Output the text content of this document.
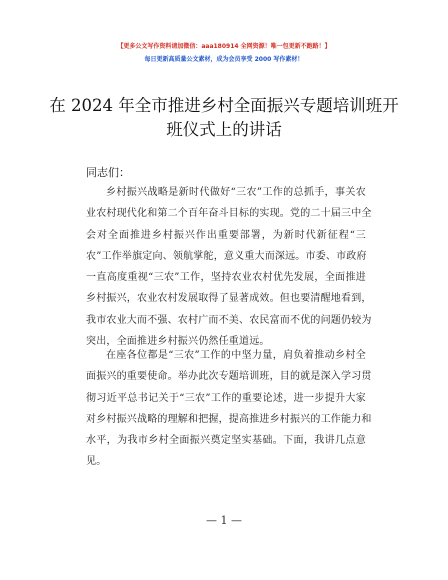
【更多公文写作资料请加微信：aaa180914 全网资源！唯一包更新不跑路！】
每日更新高质量公文素材，成为会员享受 2000 写作素材！
在 2024 年全市推进乡村全面振兴专题培训班开
班仪式上的讲话
同志们：
乡村振兴战略是新时代做好“三农”工作的总抓手，事关农
业农村现代化和第二个百年奋斗目标的实现。党的二十届三中全
会对全面推进乡村振兴作出重要部署，为新时代新征程“三
农”工作举旗定向、领航掌舵，意义重大而深远。市委、市政府
一直高度重视“三农”工作，坚持农业农村优先发展，全面推进
乡村振兴，农业农村发展取得了显著成效。但也要清醒地看到，
我市农业大而不强、农村广而不美、农民富而不优的问题仍较为
突出，全面推进乡村振兴仍然任重道远。
在座各位都是“三农”工作的中坚力量，肩负着推动乡村全
面振兴的重要使命。举办此次专题培训班，目的就是深入学习贯
彻习近平总书记关于“三农”工作的重要论述，进一步提升大家
对乡村振兴战略的理解和把握，提高推进乡村振兴的工作能力和
水平，为我市乡村全面振兴奠定坚实基础。下面，我讲几点意
见。
— 1 —
